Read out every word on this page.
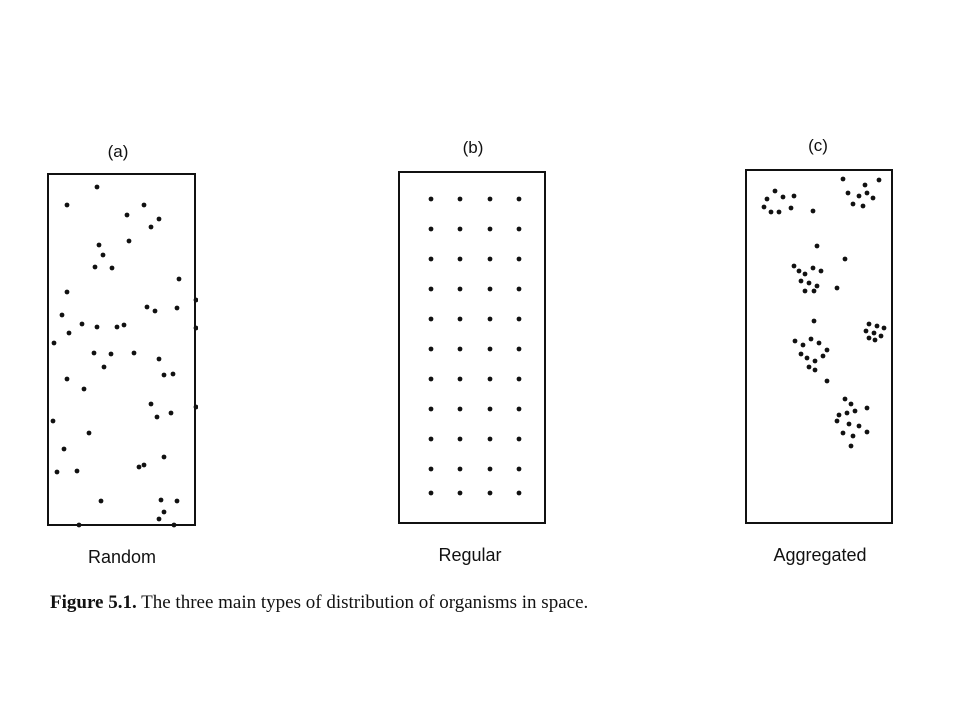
(a)
Random
(b)
Regular
(c)
Aggregated
Figure 5.1. The three main types of distribution of organisms in space.
